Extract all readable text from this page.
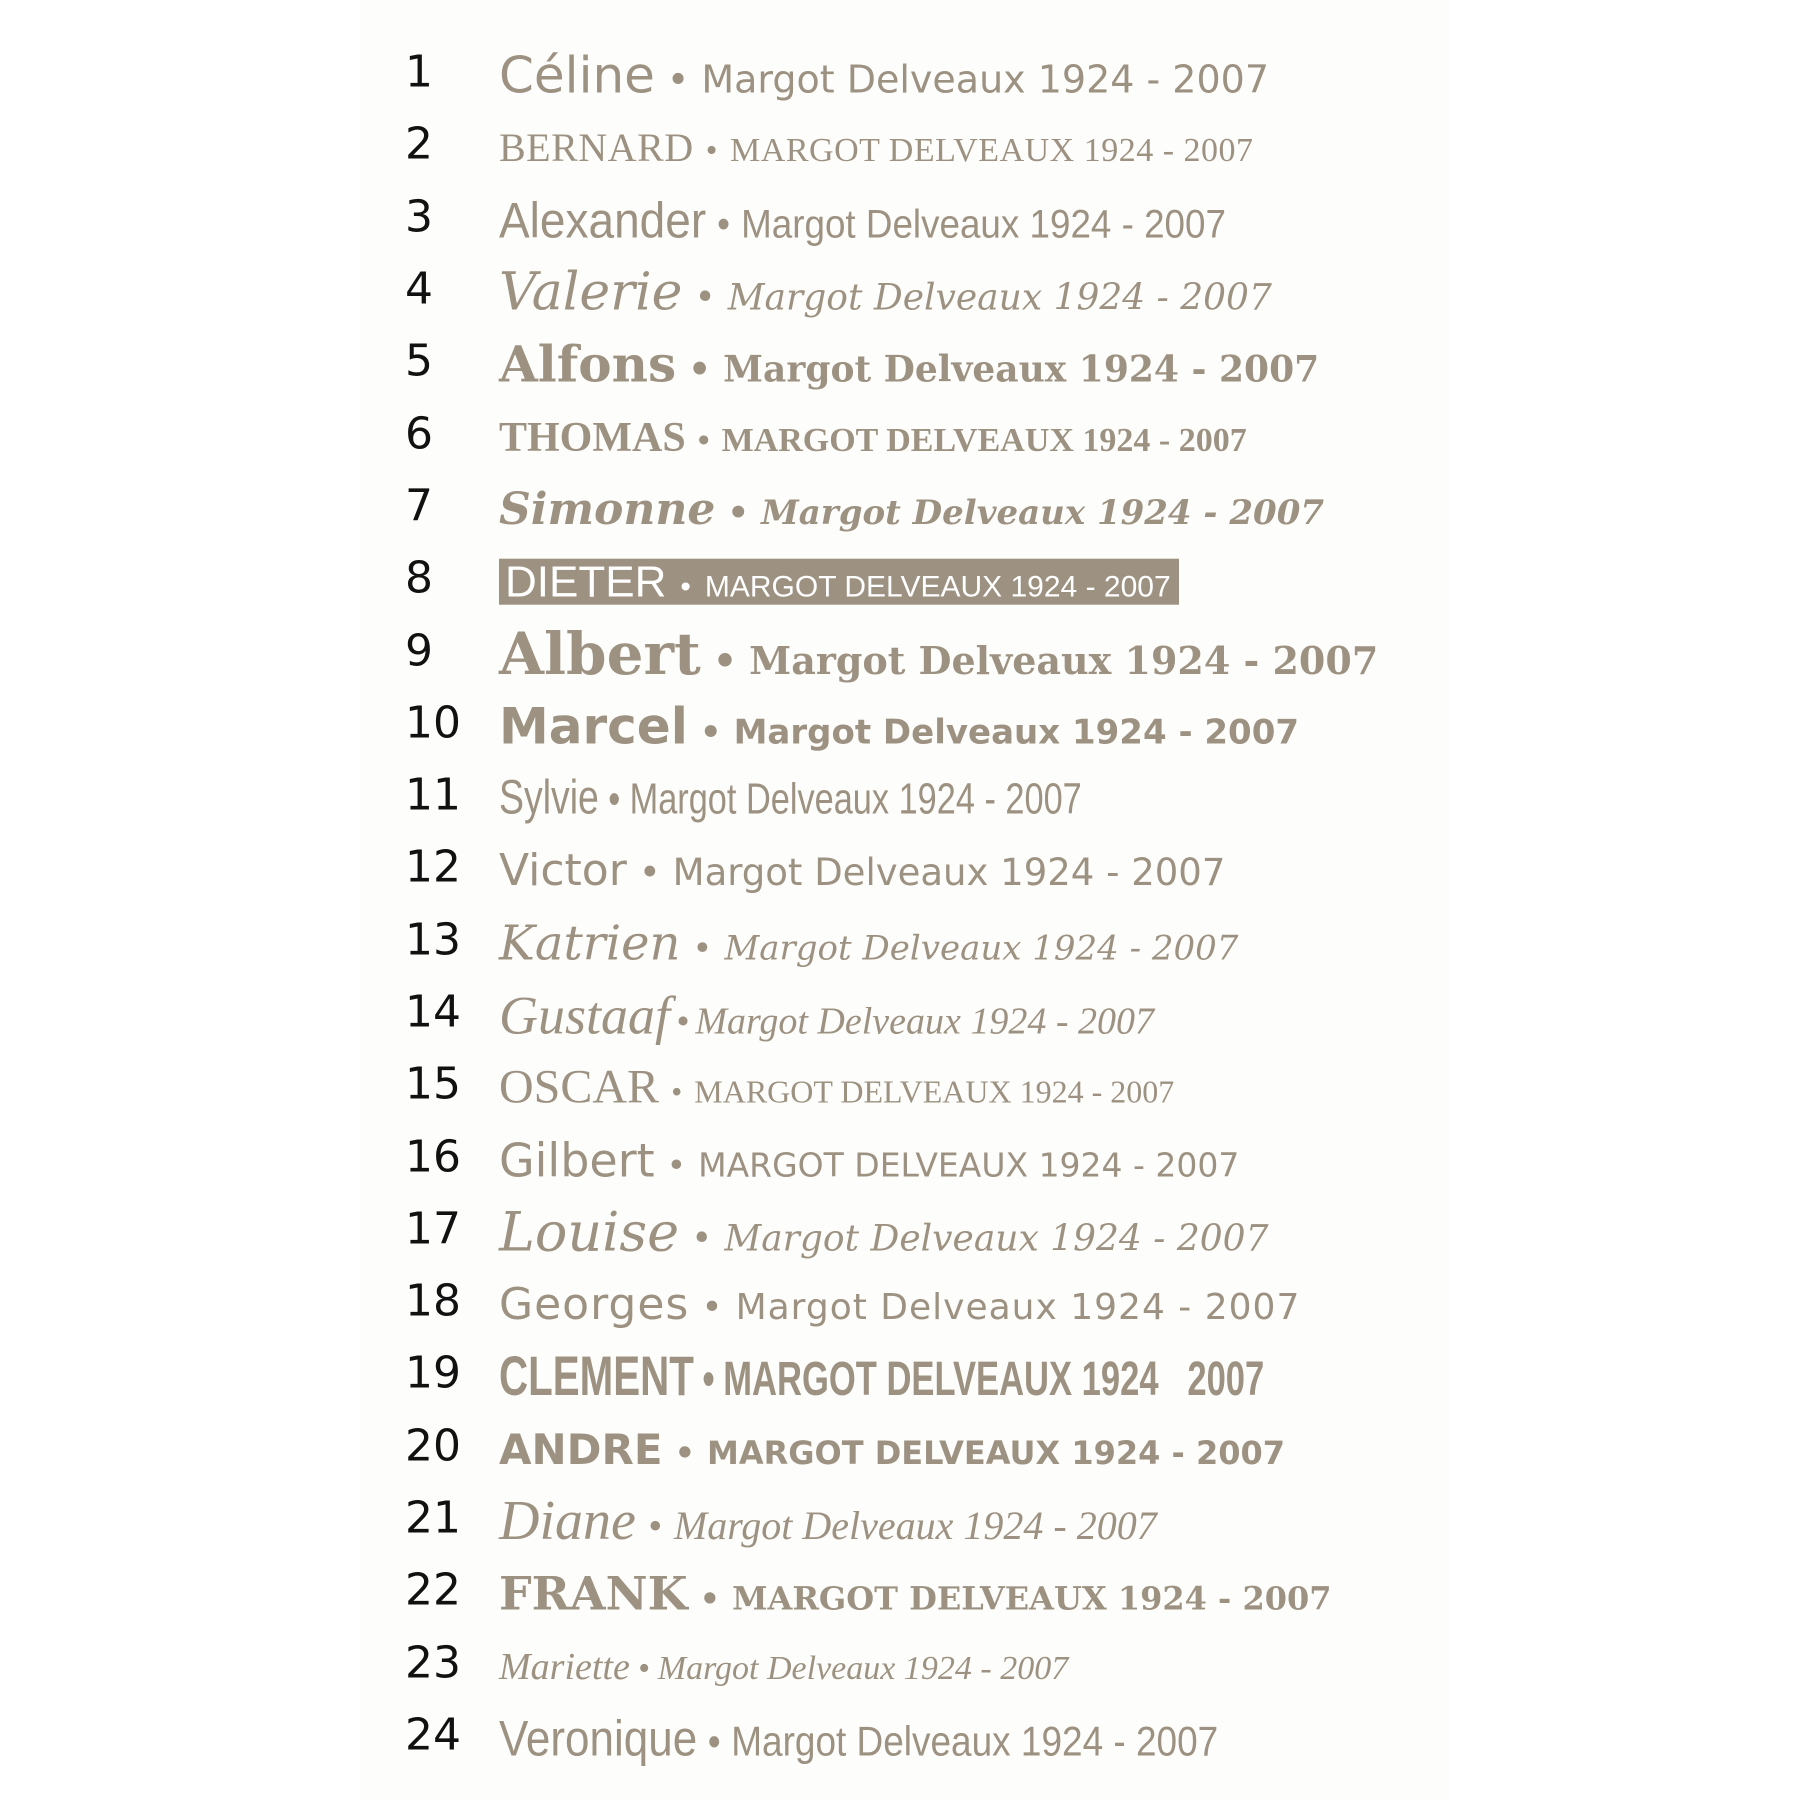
1	Céline • Margot Delveaux 1924 - 2007
2	BERNARD • MARGOT DELVEAUX 1924 - 2007
3	Alexander • Margot Delveaux 1924 - 2007
4	Valerie • Margot Delveaux 1924 - 2007
5	Alfons • Margot Delveaux 1924 - 2007
6	THOMAS • MARGOT DELVEAUX 1924 - 2007
7	Simonne • Margot Delveaux 1924 - 2007
8	DIETER • MARGOT DELVEAUX 1924 - 2007
9	Albert • Margot Delveaux 1924 - 2007
10 Marcel • Margot Delveaux 1924 - 2007
11 Sylvie • Margot Delveaux 1924 - 2007
12 Victor • Margot Delveaux 1924 - 2007
13 Katrien • Margot Delveaux 1924 - 2007
14 Gustaaf • Margot Delveaux 1924 - 2007
15 OSCAR • MARGOT DELVEAUX 1924 - 2007
16 Gilbert • MARGOT DELVEAUX 1924 - 2007
17 Louise • Margot Delveaux 1924 - 2007
18 Georges • Margot Delveaux 1924 - 2007
19 CLEMENT • MARGOT DELVEAUX 1924   2007
20 ANDRE • MARGOT DELVEAUX 1924 - 2007
21 Diane • Margot Delveaux 1924 - 2007
22 FRANK • MARGOT DELVEAUX 1924 - 2007
23	Mariette • Margot Delveaux 1924 - 2007
24 Veronique • Margot Delveaux 1924 - 2007
